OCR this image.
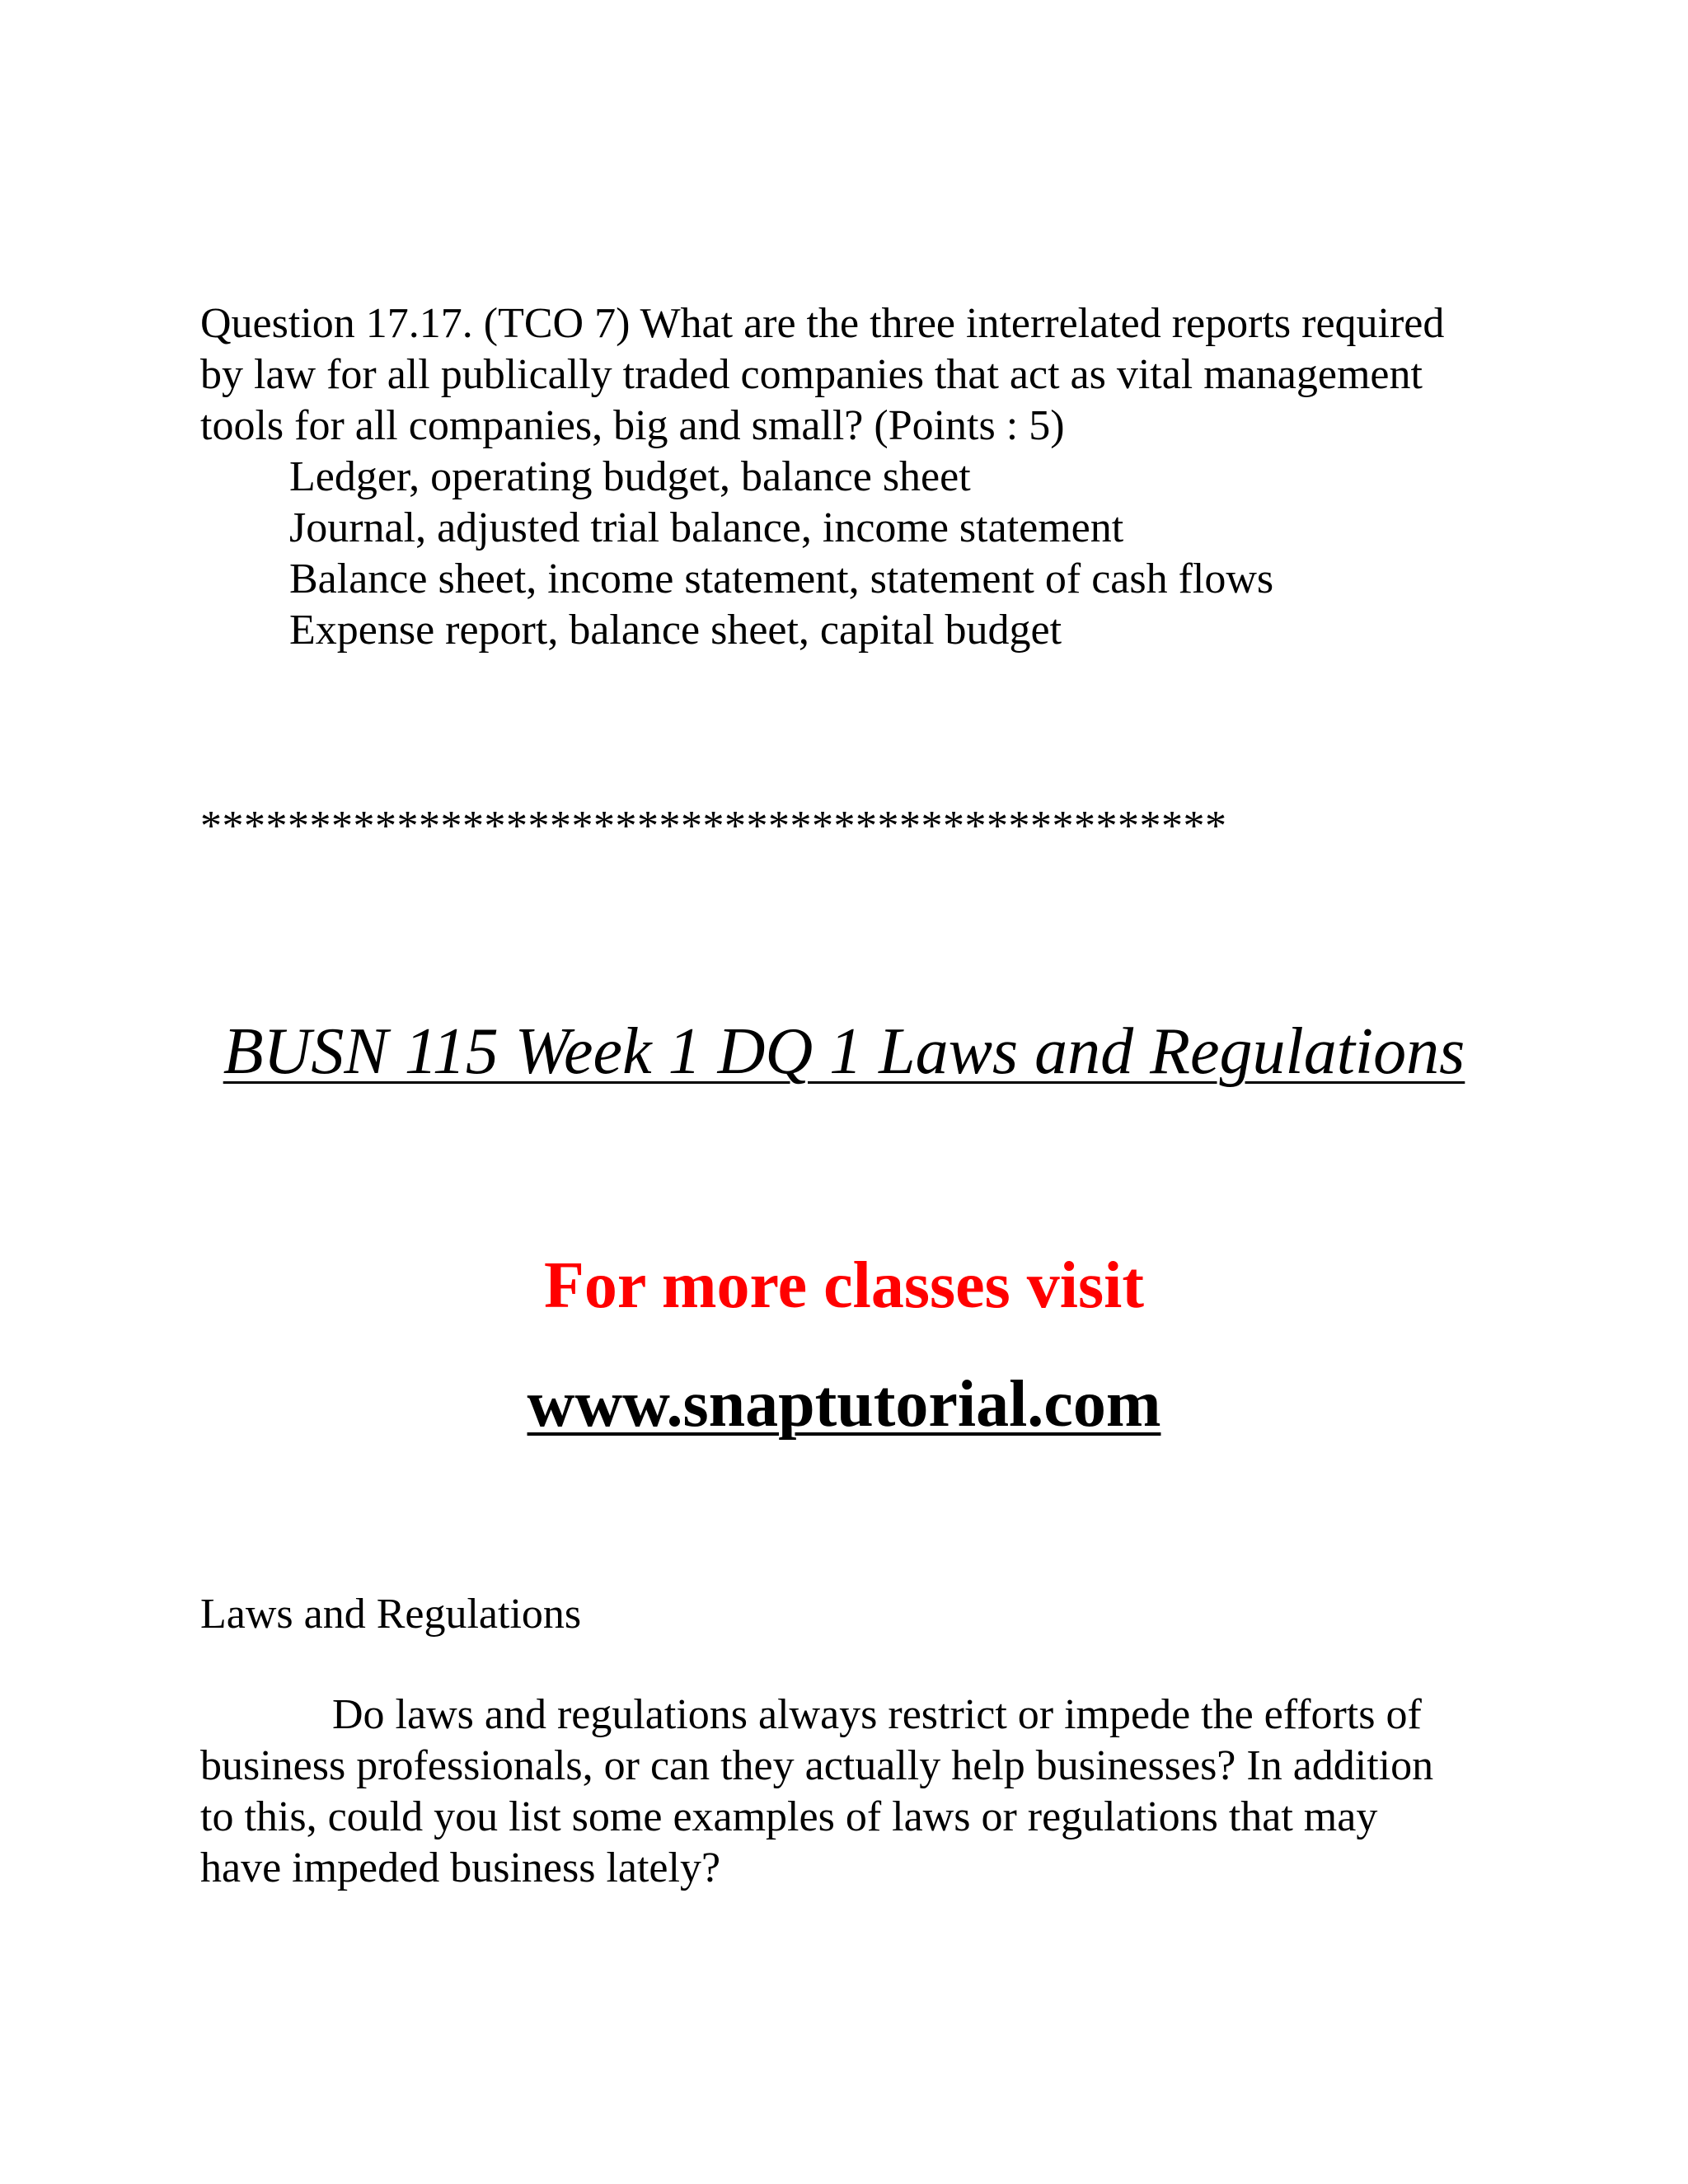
Question 17.17. (TCO 7) What are the three interrelated reports required
by law for all publically traded companies that act as vital management
tools for all companies, big and small? (Points : 5)
Ledger, operating budget, balance sheet
Journal, adjusted trial balance, income statement
Balance sheet, income statement, statement of cash flows
Expense report, balance sheet, capital budget
***********************************************
BUSN 115 Week 1 DQ 1 Laws and Regulations
For more classes visit
www.snaptutorial.com
Laws and Regulations
Do laws and regulations always restrict or impede the efforts of
business professionals, or can they actually help businesses? In addition
to this, could you list some examples of laws or regulations that may
have impeded business lately?
